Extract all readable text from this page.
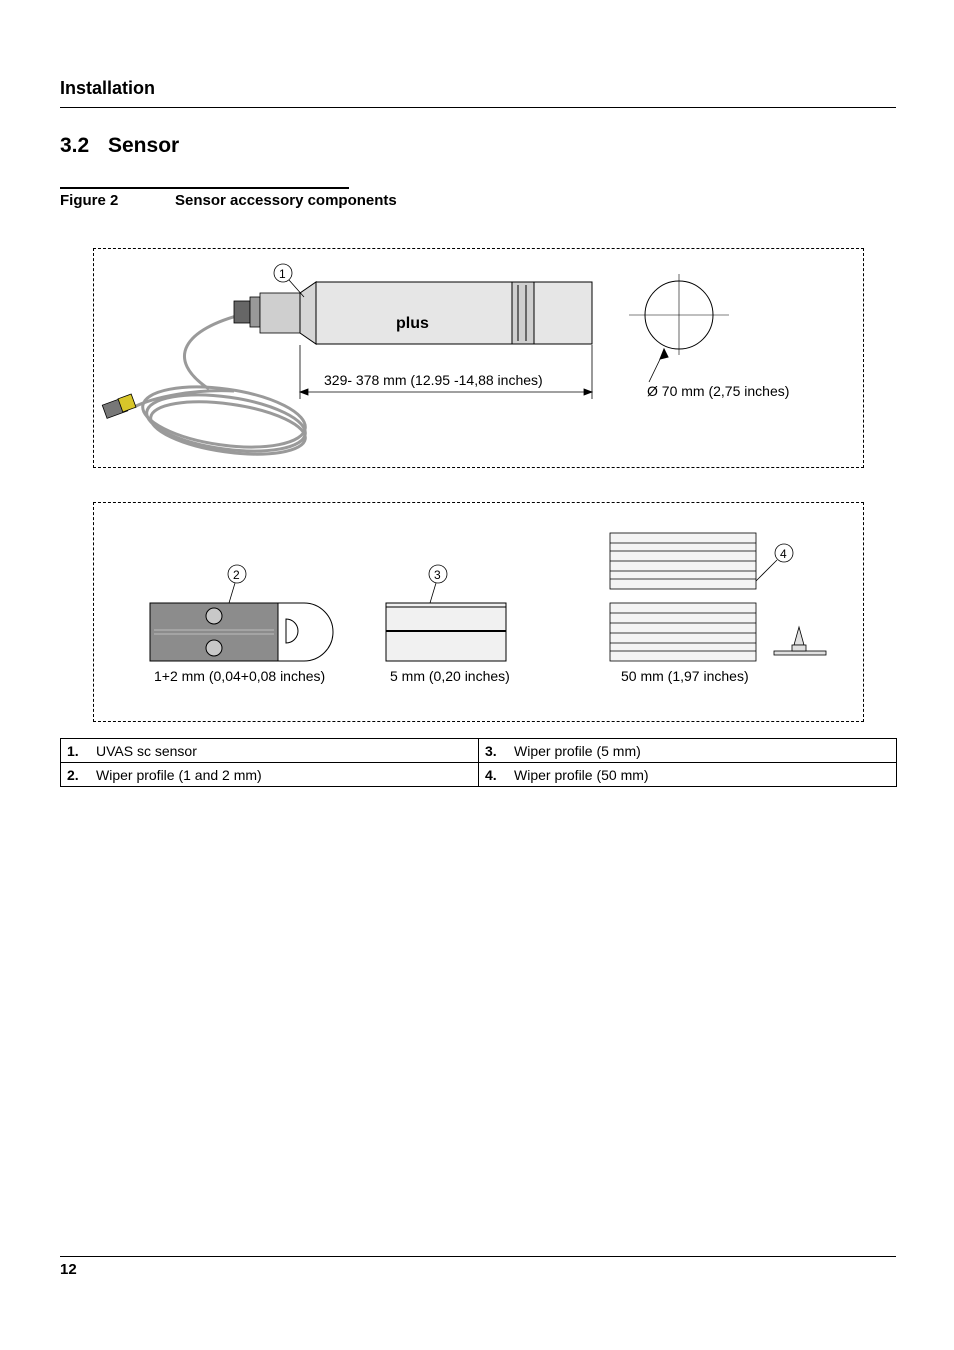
Installation
3.2 Sensor
Figure 2	Sensor accessory components
plus
1
329- 378 mm (12.95 -14,88 inches)
Ø 70 mm (2,75 inches)
2
1+2 mm (0,04+0,08 inches)
3
5 mm (0,20 inches)
4
50 mm (1,97 inches)
1. UVAS sc sensor	3. Wiper profile (5 mm)
2. Wiper profile (1 and 2 mm)	4. Wiper profile (50 mm)
12
